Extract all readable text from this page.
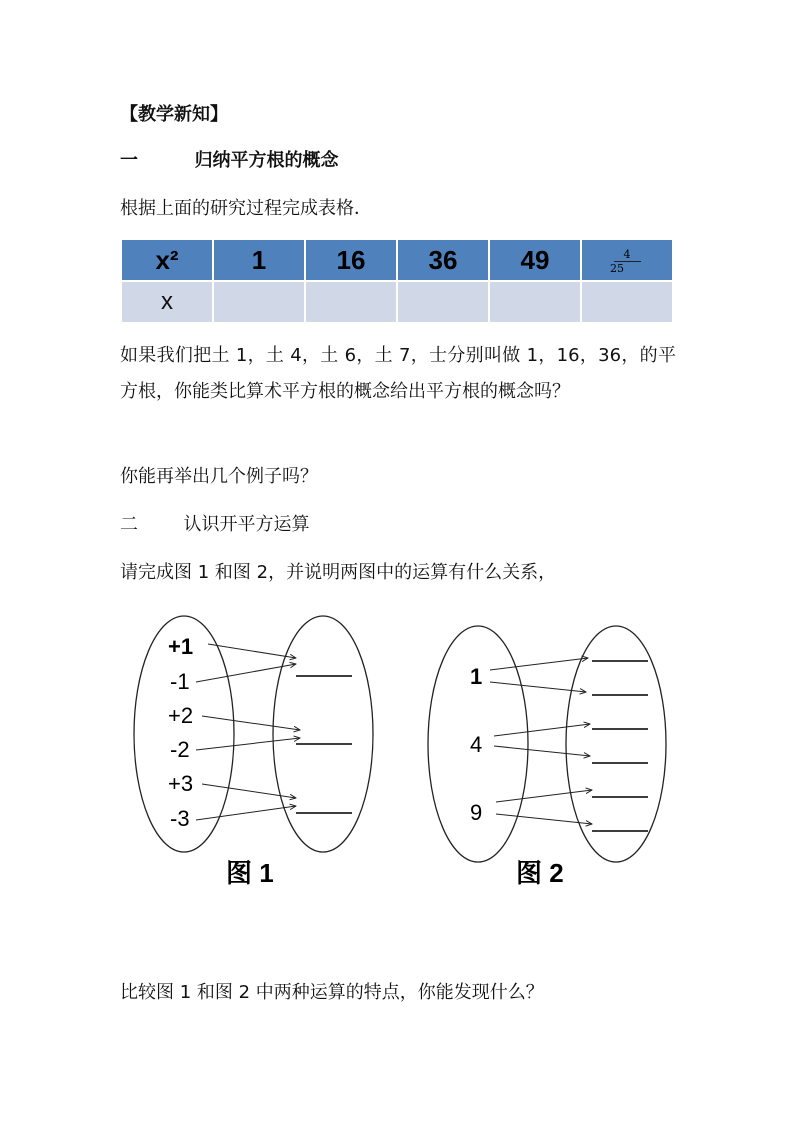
【教学新知】
一	归纳平方根的概念
根据上面的研究过程完成表格．
x²	1	16	36	49	$\frac{4}{25}$

x					
如果我们把土 1，土 4，土 6，土 7，士分别叫做 1，16，36，的平方根，你能类比算术平方根的概念给出平方根的概念吗？
你能再举出几个例子吗？
二	认识开平方运算
请完成图 1 和图 2，并说明两图中的运算有什么关系，
+1
-1
+2
-2
+3
-3
图 1
1
4
9
图 2
比较图 1 和图 2 中两种运算的特点，你能发现什么？
